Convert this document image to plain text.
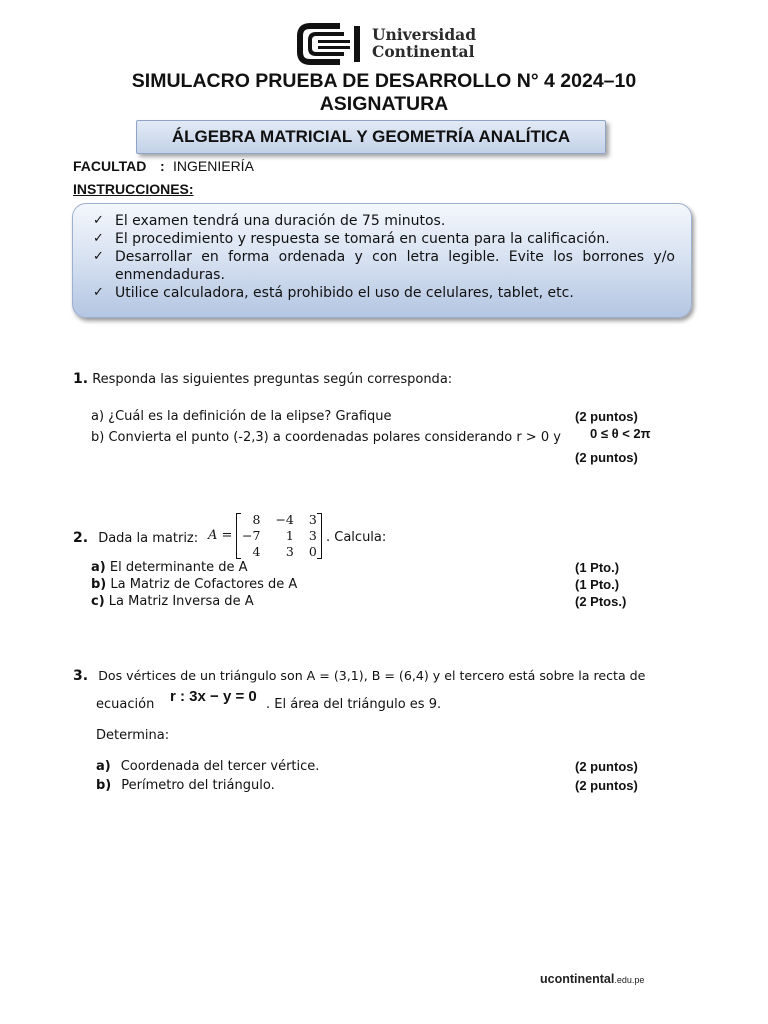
Universidad
Continental
SIMULACRO PRUEBA DE DESARROLLO N° 4 2024–10
ASIGNATURA
ÁLGEBRA MATRICIAL Y GEOMETRÍA ANALÍTICA
FACULTAD : INGENIERÍA
INSTRUCCIONES:
✓ El examen tendrá una duración de 75 minutos.
✓ El procedimiento y respuesta se tomará en cuenta para la calificación.
✓ Desarrollar en forma ordenada y con letra legible. Evite los borrones y/o enmendaduras.
✓ Utilice calculadora, está prohibido el uso de celulares, tablet, etc.
1. Responda las siguientes preguntas según corresponda:
a) ¿Cuál es la definición de la elipse? Grafique	(2 puntos)
b) Convierta el punto (-2,3) a coordenadas polares considerando r > 0 y 0 ≤ θ < 2π
(2 puntos)
2. Dada la matriz: A =
8	−4	3
−7	1	3
4	3	0
. Calcula:
a) El determinante de A	(1 Pto.)
b) La Matriz de Cofactores de A	(1 Pto.)
c) La Matriz Inversa de A	(2 Ptos.)
3. Dos vértices de un triángulo son A = (3,1), B = (6,4) y el tercero está sobre la recta de
ecuación r : 3x − y = 0 . El área del triángulo es 9.
Determina:
a) Coordenada del tercer vértice.	(2 puntos)
b) Perímetro del triángulo.	(2 puntos)
ucontinental.edu.pe
